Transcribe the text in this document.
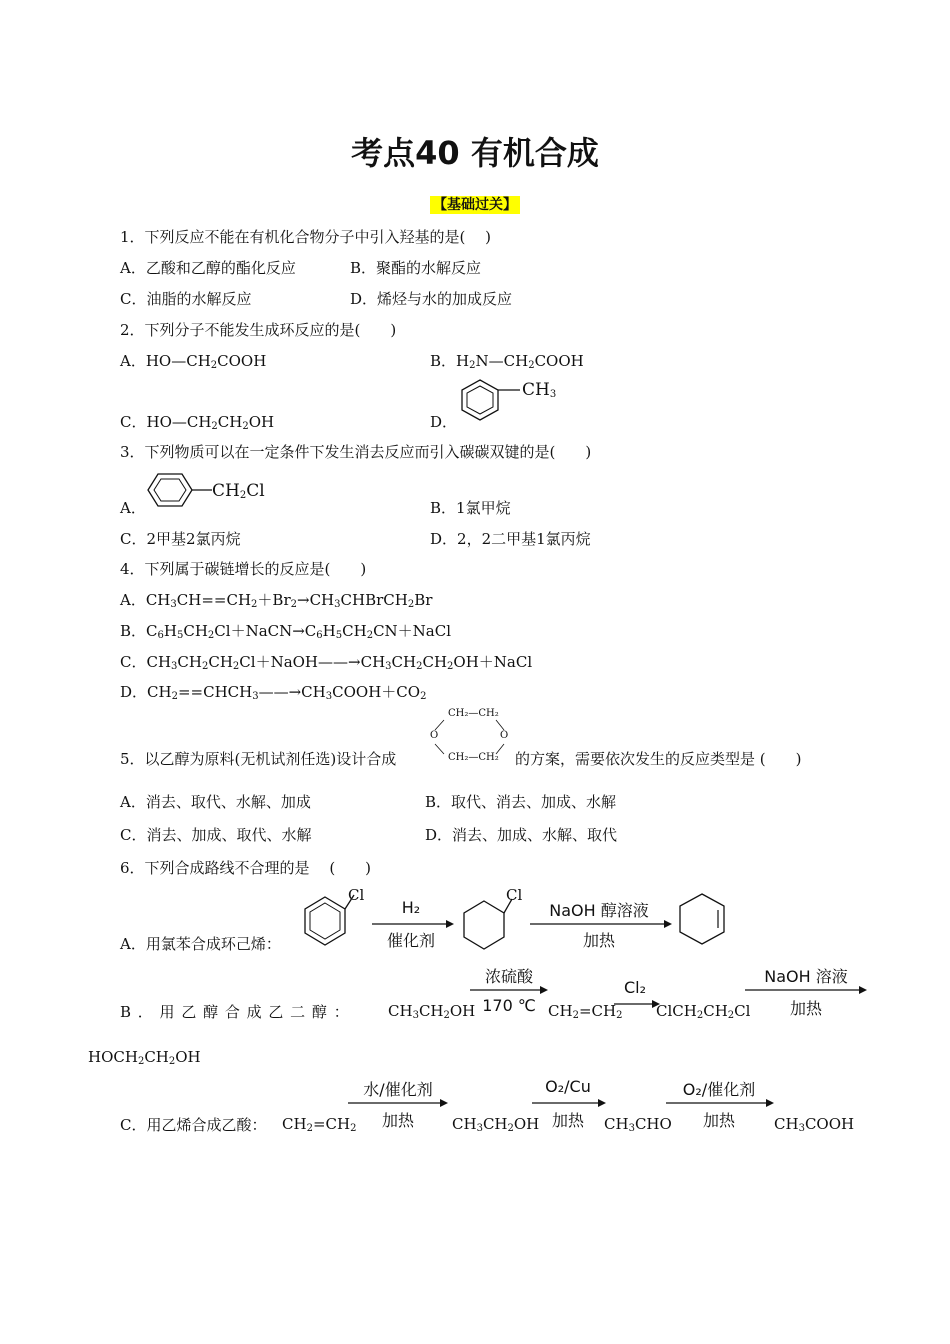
考点40 有机合成
【基础过关】
1．下列反应不能在有机化合物分子中引入羟基的是(　 )
A．乙酸和乙醇的酯化反应	B．聚酯的水解反应
C．油脂的水解反应	D．烯烃与水的加成反应
2．下列分子不能发生成环反应的是(　　)
A．$HO—CH_2COOH$	B．$H_2N—CH_2COOH$
C．$HO—CH_2CH_2OH$	D．
$CH_3$
3．下列物质可以在一定条件下发生消去反应而引入碳碳双键的是(　　)
A．
$CH_2Cl$
B．1氯甲烷
C．2甲基2氯丙烷	D．2，2二甲基1氯丙烷
4．下列属于碳链增长的反应是(　　)
A．$CH_3CH==CH_2+Br_2\to CH_3CHBrCH_2Br$
B．$C_6H_5CH_2Cl+NaCN\to C_6H_5CH_2CN+NaCl$
C．$CH_3CH_2CH_2Cl+NaOH——\to CH_3CH_2CH_2OH+NaCl$
D．$CH_2==CHCH_3——\to CH_3COOH+CO_2$
5．以乙醇为原料(无机试剂任选)设计合成
CH₂—CH₂
O	O
CH₂—CH₂ 的方案，需要依次发生的反应类型是 (　　)
A．消去、取代、水解、加成	B．取代、消去、加成、水解
C．消去、加成、取代、水解	D．消去、加成、水解、取代
6．下列合成路线不合理的是　 (　　)
A．用氯苯合成环己烯：
Cl
H₂
催化剂
Cl
NaOH 醇溶液
加热
B ． 用 乙 醇 合 成 乙 二 醇 ：	$CH_3CH_2OH$
浓硫酸
170 ℃ $CH_2=CH_2$
Cl₂
$ClCH_2CH_2Cl$
NaOH 溶液
加热
$HOCH_2CH_2OH$
C．用乙烯合成乙酸： $CH_2=CH_2$
水/催化剂
加热	$CH_3CH_2OH$
O₂/Cu
加热	$CH_3CHO$
O₂/催化剂
加热	$CH_3COOH$
